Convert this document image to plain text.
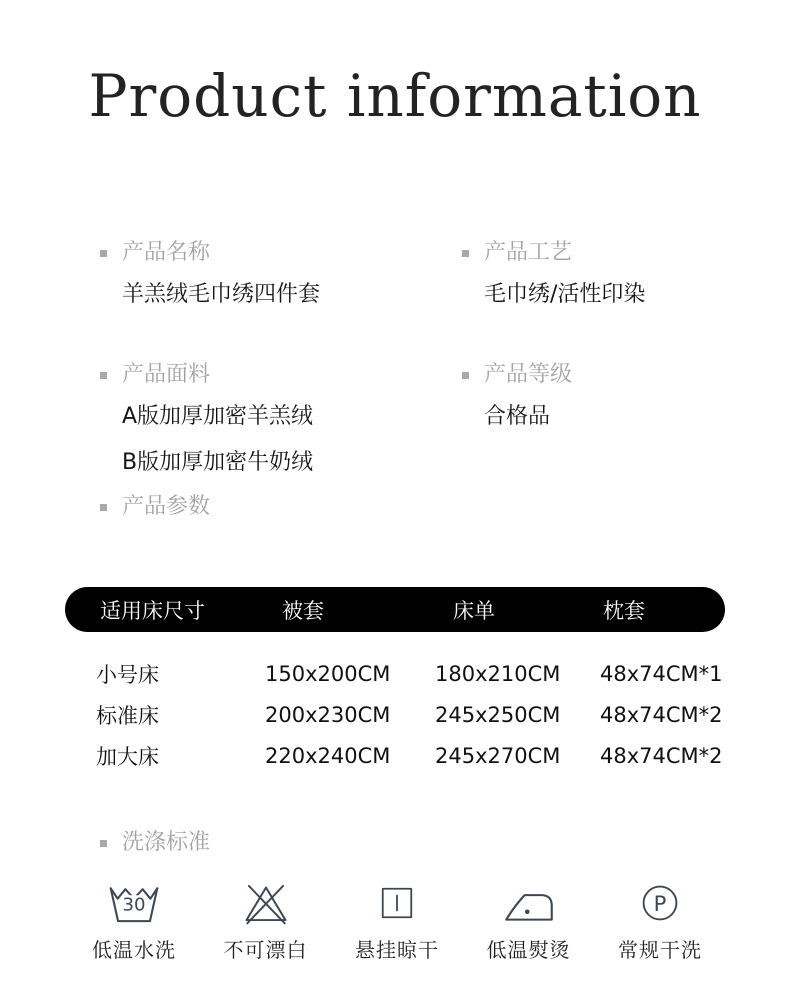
Product information
产品名称
羊羔绒毛巾绣四件套
产品面料
A版加厚加密羊羔绒
B版加厚加密牛奶绒
产品参数
产品工艺
毛巾绣/活性印染
产品等级
合格品
适用床尺寸	被套	床单	枕套
小号床	150x200CM	180x210CM	48x74CM*1
标准床	200x230CM	245x250CM	48x74CM*2
加大床	220x240CM	245x270CM	48x74CM*2
洗涤标准
30
低温水洗 不可漂白 悬挂晾干 低温熨烫
P
常规干洗
